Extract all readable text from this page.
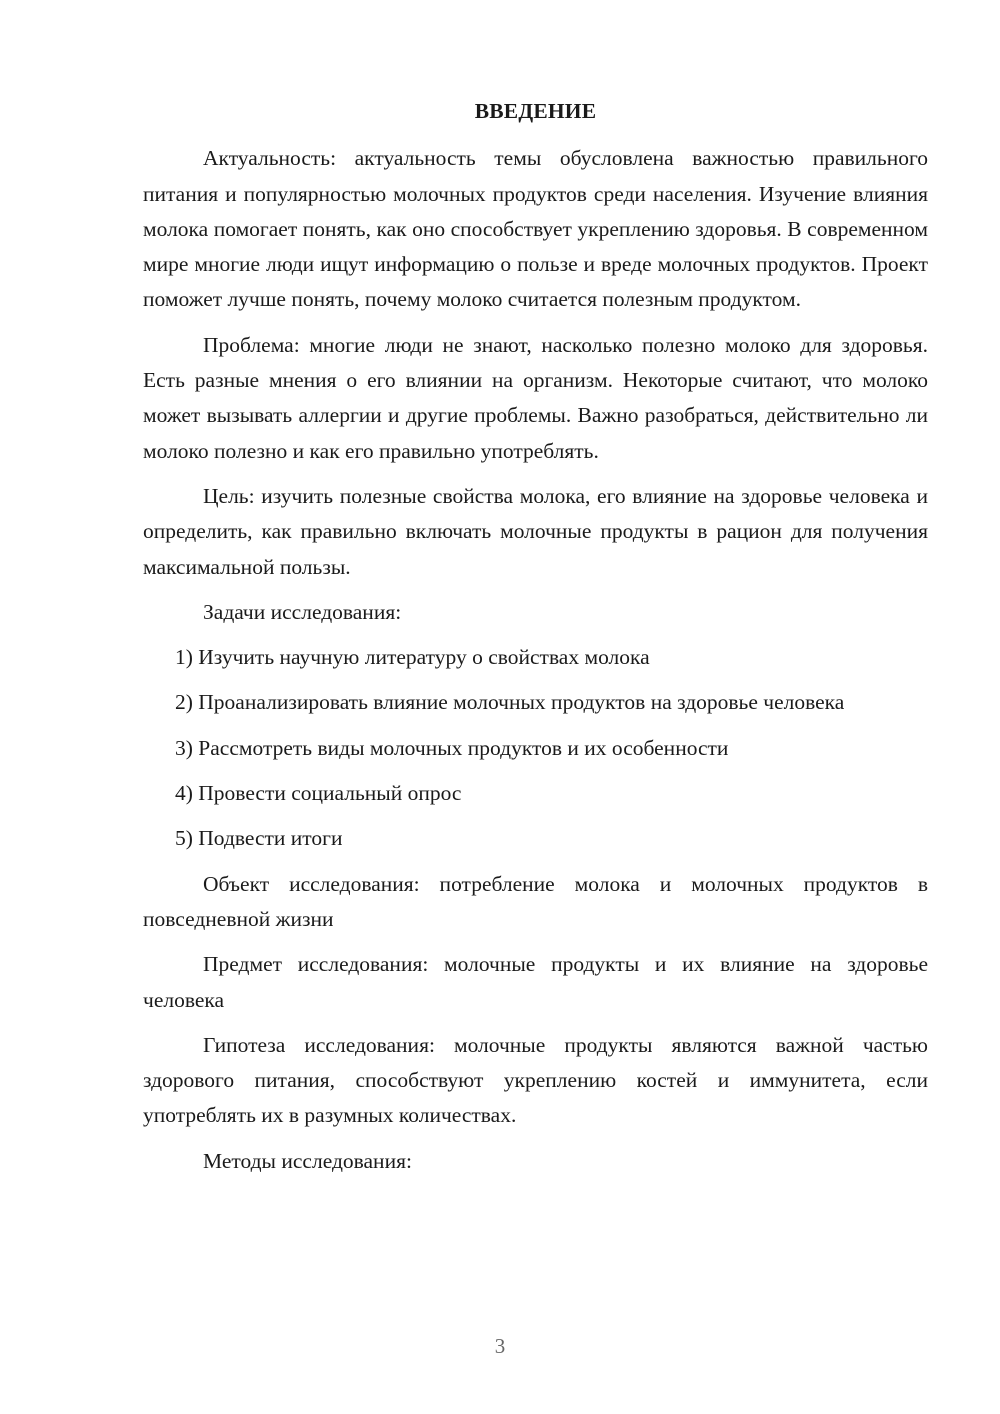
ВВЕДЕНИЕ

Актуальность: актуальность темы обусловлена важностью правильного питания и популярностью молочных продуктов среди населения. Изучение влияния молока помогает понять, как оно способствует укреплению здоровья. В современном мире многие люди ищут информацию о пользе и вреде молочных продуктов. Проект поможет лучше понять, почему молоко считается полезным продуктом.

Проблема: многие люди не знают, насколько полезно молоко для здоровья. Есть разные мнения о его влиянии на организм. Некоторые считают, что молоко может вызывать аллергии и другие проблемы. Важно разобраться, действительно ли молоко полезно и как его правильно употреблять.

Цель: изучить полезные свойства молока, его влияние на здоровье человека и определить, как правильно включать молочные продукты в рацион для получения максимальной пользы.

Задачи исследования:

1) Изучить научную литературу о свойствах молока

2) Проанализировать влияние молочных продуктов на здоровье человека

3) Рассмотреть виды молочных продуктов и их особенности

4) Провести социальный опрос

5) Подвести итоги

Объект исследования: потребление молока и молочных продуктов в повседневной жизни

Предмет исследования: молочные продукты и их влияние на здоровье человека

Гипотеза исследования: молочные продукты являются важной частью здорового питания, способствуют укреплению костей и иммунитета, если употреблять их в разумных количествах.

Методы исследования:

3
